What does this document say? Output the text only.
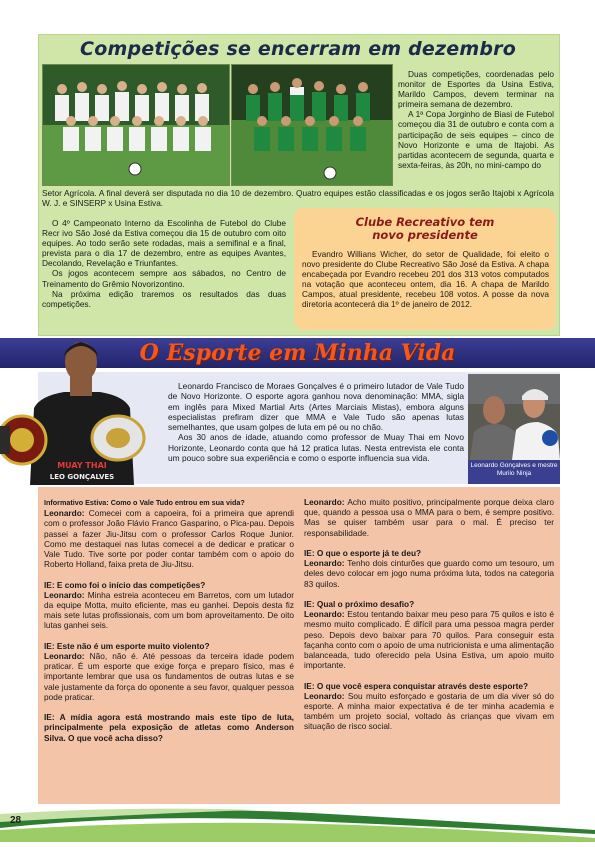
Competições se encerram em dezembro

Duas competições, coordenadas pelo monitor de Esportes da Usina Estiva, Marildo Campos, devem terminar na primeira semana de dezembro.

A 1ª Copa Jorginho de Biasi de Futebol começou dia 31 de outubro e conta com a participação de seis equipes – cinco de Novo Horizonte e uma de Itajobi. As partidas acontecem de segunda, quarta e sexta-feiras, às 20h, no mini-campo do

Setor Agrícola. A final deverá ser disputada no dia 10 de dezembro. Quatro equipes estão classificadas e os jogos serão Itajobi x Agrícola W. J. e SINSERP x Usina Estiva.

O 4º Campeonato Interno da Escolinha de Futebol do Clube Recr ivo São José da Estiva começou dia 15 de outubro com oito equipes. Ao todo serão sete rodadas, mais a semifinal e a final, prevista para o dia 17 de dezembro, entre as equipes Avantes, Decolando, Revelação e Triunfantes.

Os jogos acontecem sempre aos sábados, no Centro de Treinamento do Grêmio Novorizontino.

Na próxima edição traremos os resultados das duas competições.

Clube Recreativo tem
novo presidente

Evandro Willians Wicher, do setor de Qualidade, foi eleito o novo presidente do Clube Recreativo São José da Estiva. A chapa encabeçada por Evandro recebeu 201 dos 313 votos computados na votação que aconteceu ontem, dia 16. A chapa de Marildo Campos, atual presidente, recebeu 108 votos. A posse da nova diretoria acontecerá dia 1º de janeiro de 2012.

O Esporte em Minha Vida
MUAY THAI
LEO GONÇALVES

Leonardo Francisco de Moraes Gonçalves é o primeiro lutador de Vale Tudo de Novo Horizonte. O esporte agora ganhou nova denominação: MMA, sigla em inglês para Mixed Martial Arts (Artes Marciais Mistas), embora alguns especialistas prefiram dizer que MMA e Vale Tudo são apenas lutas semelhantes, que usam golpes de luta em pé ou no chão.

Aos 30 anos de idade, atuando como professor de Muay Thai em Novo Horizonte, Leonardo conta que há 12 pratica lutas. Nesta entrevista ele conta um pouco sobre sua experiência e como o esporte influencia sua vida.

Leonardo Gonçalves e mestre Murilo Ninja

Informativo Estiva: Como o Vale Tudo entrou em sua vida?
Leonardo: Comecei com a capoeira, foi a primeira que aprendi com o professor João Flávio Franco Gasparino, o Pica-pau. Depois passei a fazer Jiu-Jitsu com o professor Carlos Roque Junior. Como me destaquei nas lutas comecei a de dedicar e praticar o Vale Tudo. Tive sorte por poder contar também com o apoio do Roberto Holland, faixa preta de Jiu-Jitsu.

IE: E como foi o início das competições?
Leonardo: Minha estreia aconteceu em Barretos, com um lutador da equipe Motta, muito eficiente, mas eu ganhei. Depois desta fiz mais sete lutas profissionais, com um bom aproveitamento. De oito lutas ganhei seis.

IE: Este não é um esporte muito violento?
Leonardo: Não, não é. Até pessoas da terceira idade podem praticar. É um esporte que exige força e preparo físico, mas é importante lembrar que usa os fundamentos de outras lutas e se vale justamente da força do oponente a seu favor, qualquer pessoa pode praticar.

IE: A mídia agora está mostrando mais este tipo de luta, principalmente pela exposição de atletas como Anderson Silva. O que você acha disso?

Leonardo: Acho muito positivo, principalmente porque deixa claro que, quando a pessoa usa o MMA para o bem, é sempre positivo. Mas se quiser também usar para o mal. É preciso ter responsabilidade.

IE: O que o esporte já te deu?
Leonardo: Tenho dois cinturões que guardo como um tesouro, um deles devo colocar em jogo numa próxima luta, todos na categoria 83 quilos.

IE: Qual o próximo desafio?
Leonardo: Estou tentando baixar meu peso para 75 quilos e isto é mesmo muito complicado. É difícil para uma pessoa magra perder peso. Depois devo baixar para 70 quilos. Para conseguir esta façanha conto com o apoio de uma nutricionista e uma alimentação balanceada, tudo oferecido pela Usina Estiva, um apoio muito importante.

IE: O que você espera conquistar através deste esporte?
Leonardo: Sou muito esforçado e gostaria de um dia viver só do esporte. A minha maior expectativa é de ter minha academia e também um projeto social, voltado às crianças que vivam em situação de risco social.

28
